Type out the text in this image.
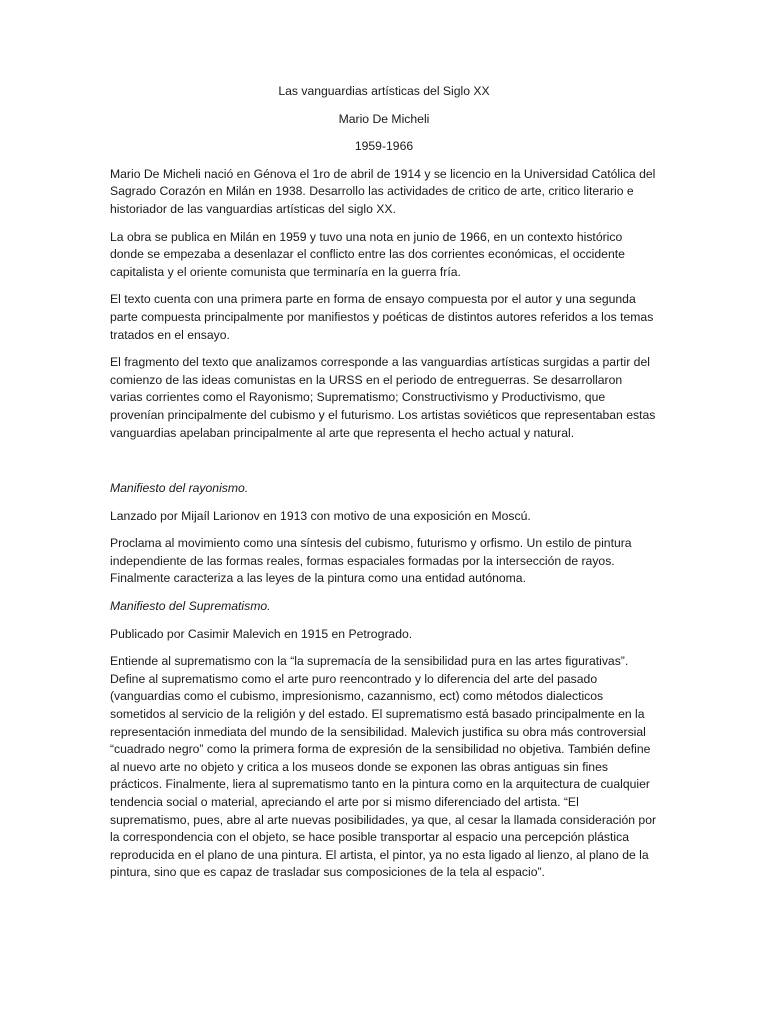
Las vanguardias artísticas del Siglo XX

Mario De Micheli

1959-1966

Mario De Micheli nació en Génova el 1ro de abril de 1914 y se licencio en la Universidad Católica del Sagrado Corazón en Milán en 1938. Desarrollo las actividades de critico de arte, critico literario e historiador de las vanguardias artísticas del siglo XX.

La obra se publica en Milán en 1959 y tuvo una nota en junio de 1966, en un contexto histórico donde se empezaba a desenlazar el conflicto entre las dos corrientes económicas, el occidente capitalista y el oriente comunista que terminaría en la guerra fría.

El texto cuenta con una primera parte en forma de ensayo compuesta por el autor y una segunda parte compuesta principalmente por manifiestos y poéticas de distintos autores referidos a los temas tratados en el ensayo.

El fragmento del texto que analizamos corresponde a las vanguardias artísticas surgidas a partir del comienzo de las ideas comunistas en la URSS en el periodo de entreguerras. Se desarrollaron varias corrientes como el Rayonismo; Suprematismo; Constructivismo y Productivismo, que provenían principalmente del cubismo y el futurismo. Los artistas soviéticos que representaban estas vanguardias apelaban principalmente al arte que representa el hecho actual y natural.

Manifiesto del rayonismo.

Lanzado por Mijaíl Larionov en 1913 con motivo de una exposición en Moscú.

Proclama al movimiento como una síntesis del cubismo, futurismo y orfismo. Un estilo de pintura independiente de las formas reales, formas espaciales formadas por la intersección de rayos. Finalmente caracteriza a las leyes de la pintura como una entidad autónoma.

Manifiesto del Suprematismo.

Publicado por Casimir Malevich en 1915 en Petrogrado.

Entiende al suprematismo con la “la supremacía de la sensibilidad pura en las artes figurativas”. Define al suprematismo como el arte puro reencontrado y lo diferencia del arte del pasado (vanguardias como el cubismo, impresionismo, cazannismo, ect) como métodos dialecticos sometidos al servicio de la religión y del estado. El suprematismo está basado principalmente en la representación inmediata del mundo de la sensibilidad. Malevich justifica su obra más controversial “cuadrado negro” como la primera forma de expresión de la sensibilidad no objetiva. También define al nuevo arte no objeto y critica a los museos donde se exponen las obras antiguas sin fines prácticos. Finalmente, liera al suprematismo tanto en la pintura como en la arquitectura de cualquier tendencia social o material, apreciando el arte por si mismo diferenciado del artista. “El suprematismo, pues, abre al arte nuevas posibilidades, ya que, al cesar la llamada consideración por la correspondencia con el objeto, se hace posible transportar al espacio una percepción plástica reproducida en el plano de una pintura. El artista, el pintor, ya no esta ligado al lienzo, al plano de la pintura, sino que es capaz de trasladar sus composiciones de la tela al espacio”.
